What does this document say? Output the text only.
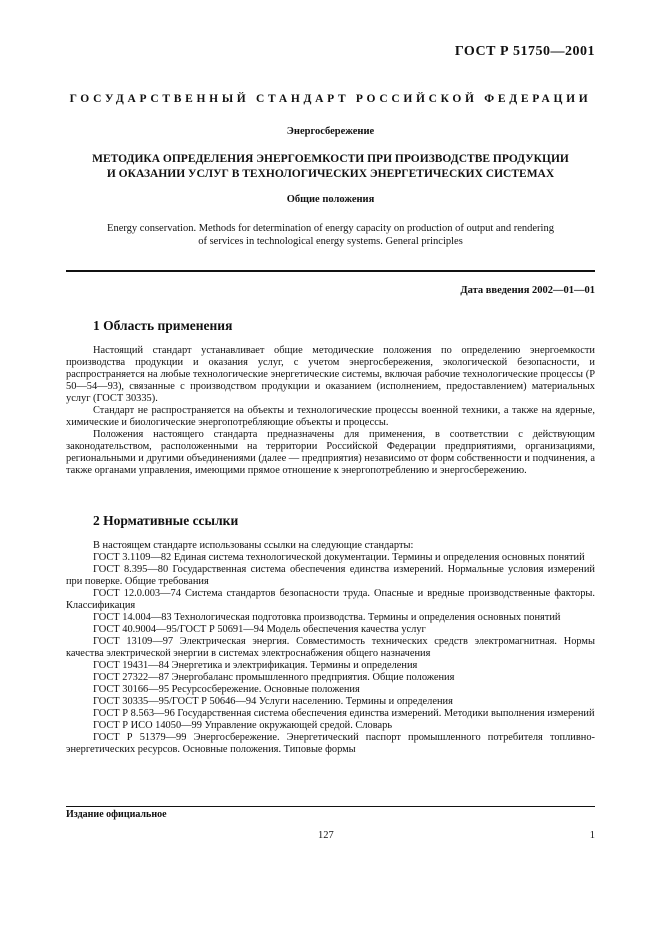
ГОСТ Р 51750—2001
ГОСУДАРСТВЕННЫЙ СТАНДАРТ РОССИЙСКОЙ ФЕДЕРАЦИИ
Энергосбережение
МЕТОДИКА ОПРЕДЕЛЕНИЯ ЭНЕРГОЕМКОСТИ ПРИ ПРОИЗВОДСТВЕ ПРОДУКЦИИ
И ОКАЗАНИИ УСЛУГ В ТЕХНОЛОГИЧЕСКИХ ЭНЕРГЕТИЧЕСКИХ СИСТЕМАХ
Общие положения
Energy conservation. Methods for determination of energy capacity on production of output and rendering
of services in technological energy systems. General principles
Дата введения 2002—01—01
1 Область применения

Настоящий стандарт устанавливает общие методические положения по определению энергоемкости производства продукции и оказания услуг, с учетом энергосбережения, экологической безопасности, и распространяется на любые технологические энергетические системы, включая рабочие технологические процессы (Р 50—54—93), связанные с производством продукции и оказанием (исполнением, предоставлением) материальных услуг (ГОСТ 30335).

Стандарт не распространяется на объекты и технологические процессы военной техники, а также на ядерные, химические и биологические энергопотребляющие объекты и процессы.

Положения настоящего стандарта предназначены для применения, в соответствии с действующим законодательством, расположенными на территории Российской Федерации предприятиями, организациями, региональными и другими объединениями (далее — предприятия) независимо от форм собственности и подчинения, а также органами управления, имеющими прямое отношение к энергопотреблению и энергосбережению.

2 Нормативные ссылки

В настоящем стандарте использованы ссылки на следующие стандарты:

ГОСТ 3.1109—82 Единая система технологической документации. Термины и определения основных понятий

ГОСТ 8.395—80 Государственная система обеспечения единства измерений. Нормальные условия измерений при поверке. Общие требования

ГОСТ 12.0.003—74 Система стандартов безопасности труда. Опасные и вредные производственные факторы. Классификация

ГОСТ 14.004—83 Технологическая подготовка производства. Термины и определения основных понятий

ГОСТ 40.9004—95/ГОСТ Р 50691—94 Модель обеспечения качества услуг

ГОСТ 13109—97 Электрическая энергия. Совместимость технических средств электромагнитная. Нормы качества электрической энергии в системах электроснабжения общего назначения

ГОСТ 19431—84 Энергетика и электрификация. Термины и определения

ГОСТ 27322—87 Энергобаланс промышленного предприятия. Общие положения

ГОСТ 30166—95 Ресурсосбережение. Основные положения

ГОСТ 30335—95/ГОСТ Р 50646—94 Услуги населению. Термины и определения

ГОСТ Р 8.563—96 Государственная система обеспечения единства измерений. Методики выполнения измерений

ГОСТ Р ИСО 14050—99 Управление окружающей средой. Словарь

ГОСТ Р 51379—99 Энергосбережение. Энергетический паспорт промышленного потребителя топливно-энергетических ресурсов. Основные положения. Типовые формы

Издание официальное
127	1
